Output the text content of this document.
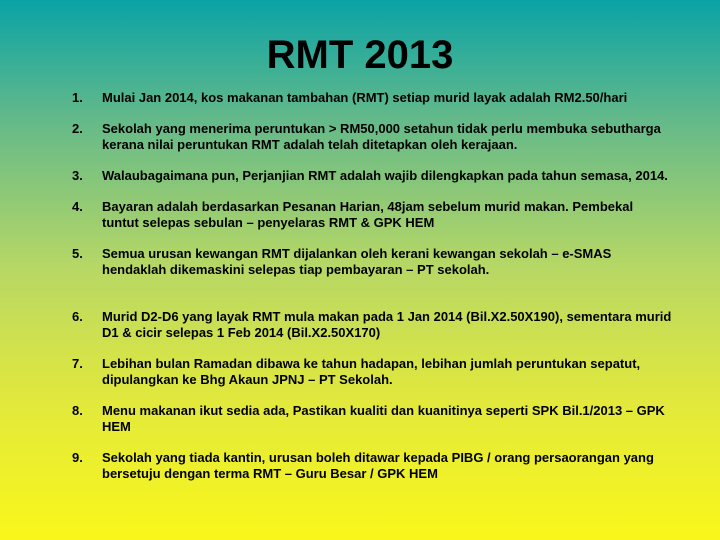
RMT 2013
1. Mulai Jan 2014, kos makanan tambahan (RMT) setiap murid layak adalah RM2.50/hari
2. Sekolah yang menerima peruntukan > RM50,000 setahun tidak perlu membuka sebutharga kerana nilai peruntukan RMT adalah telah ditetapkan oleh kerajaan.
3. Walaubagaimana pun, Perjanjian RMT adalah wajib dilengkapkan pada tahun semasa, 2014.
4. Bayaran adalah berdasarkan Pesanan Harian, 48jam sebelum murid makan. Pembekal tuntut selepas sebulan – penyelaras RMT & GPK HEM
5. Semua urusan kewangan RMT dijalankan oleh kerani kewangan sekolah – e-SMAS hendaklah dikemaskini selepas tiap pembayaran – PT sekolah.
6. Murid D2-D6 yang layak RMT mula makan pada 1 Jan 2014 (Bil.X2.50X190), sementara murid D1 & cicir selepas 1 Feb 2014 (Bil.X2.50X170)
7. Lebihan bulan Ramadan dibawa ke tahun hadapan, lebihan jumlah peruntukan sepatut, dipulangkan ke Bhg Akaun JPNJ – PT Sekolah.
8. Menu makanan ikut sedia ada, Pastikan kualiti dan kuanitinya seperti SPK Bil.1/2013 – GPK HEM
9. Sekolah yang tiada kantin, urusan boleh ditawar kepada PIBG / orang persaorangan yang bersetuju dengan terma RMT – Guru Besar / GPK HEM
